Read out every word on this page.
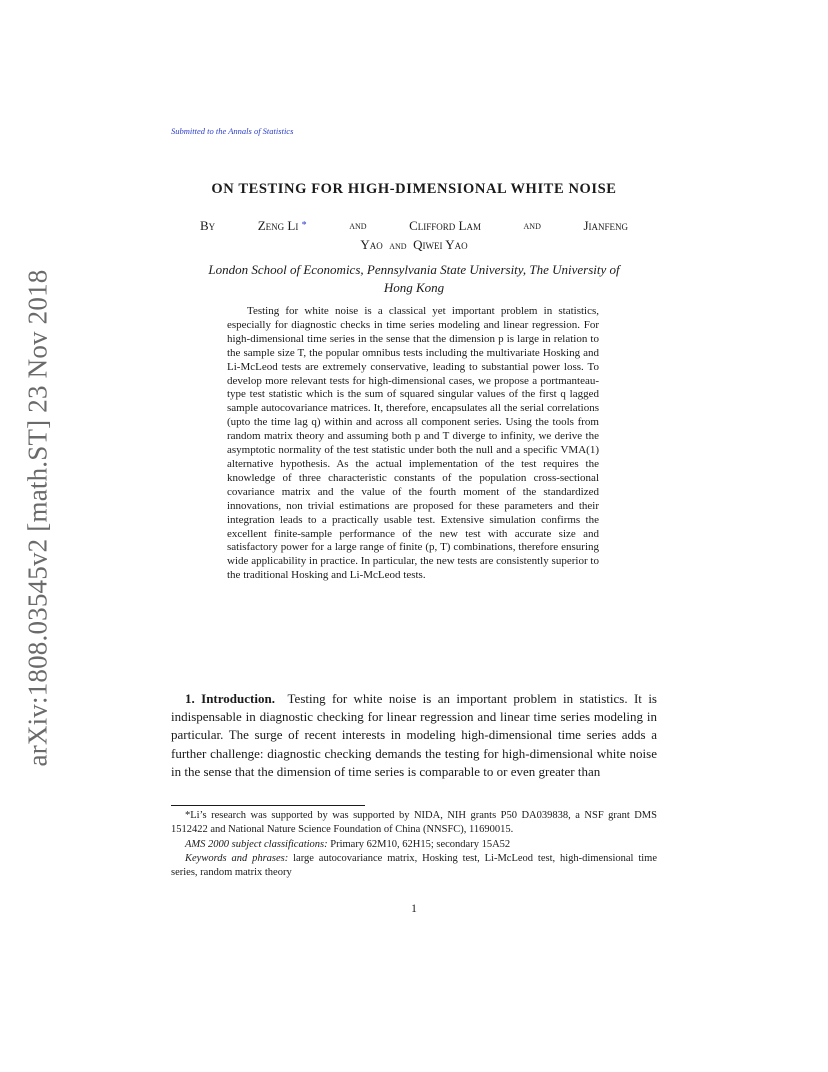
arXiv:1808.03545v2 [math.ST] 23 Nov 2018
Submitted to the Annals of Statistics
ON TESTING FOR HIGH-DIMENSIONAL WHITE NOISE
By	Zeng Li *	and	Clifford Lam	and	Jianfeng
Yao and Qiwei Yao
London School of Economics, Pennsylvania State University, The University of Hong Kong
Testing for white noise is a classical yet important problem in statistics, especially for diagnostic checks in time series modeling and linear regression. For high-dimensional time series in the sense that the dimension p is large in relation to the sample size T, the popular omnibus tests including the multivariate Hosking and Li-McLeod tests are extremely conservative, leading to substantial power loss. To develop more relevant tests for high-dimensional cases, we propose a portmanteau-type test statistic which is the sum of squared singular values of the first q lagged sample autocovariance matrices. It, therefore, encapsulates all the serial correlations (upto the time lag q) within and across all component series. Using the tools from random matrix theory and assuming both p and T diverge to infinity, we derive the asymptotic normality of the test statistic under both the null and a specific VMA(1) alternative hypothesis. As the actual implementation of the test requires the knowledge of three characteristic constants of the population cross-sectional covariance matrix and the value of the fourth moment of the standardized innovations, non trivial estimations are proposed for these parameters and their integration leads to a practically usable test. Extensive simulation confirms the excellent finite-sample performance of the new test with accurate size and satisfactory power for a large range of finite (p, T) combinations, therefore ensuring wide applicability in practice. In particular, the new tests are consistently superior to the traditional Hosking and Li-McLeod tests.
1. Introduction. Testing for white noise is an important problem in statistics. It is indispensable in diagnostic checking for linear regression and linear time series modeling in particular. The surge of recent interests in modeling high-dimensional time series adds a further challenge: diagnostic checking demands the testing for high-dimensional white noise in the sense that the dimension of time series is comparable to or even greater than

*Li’s research was supported by was supported by NIDA, NIH grants P50 DA039838, a NSF grant DMS 1512422 and National Nature Science Foundation of China (NNSFC), 11690015.

AMS 2000 subject classifications: Primary 62M10, 62H15; secondary 15A52

Keywords and phrases: large autocovariance matrix, Hosking test, Li-McLeod test, high-dimensional time series, random matrix theory

1
